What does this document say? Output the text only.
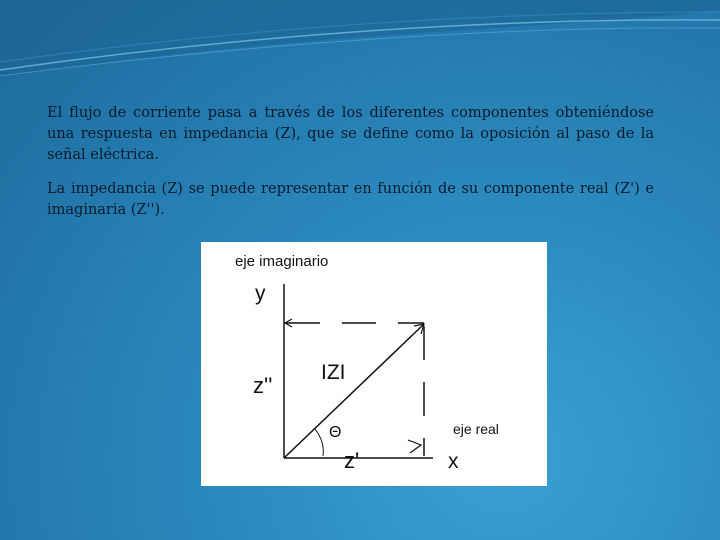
El flujo de corriente pasa a través de los diferentes componentes obteniéndose una respuesta en impedancia (Z), que se define como la oposición al paso de la señal eléctrica.

La impedancia (Z) se puede representar en función de su componente real (Z') e imaginaria (Z'').

eje imaginario
y
z''
IZI
Θ	eje real
z'	x
